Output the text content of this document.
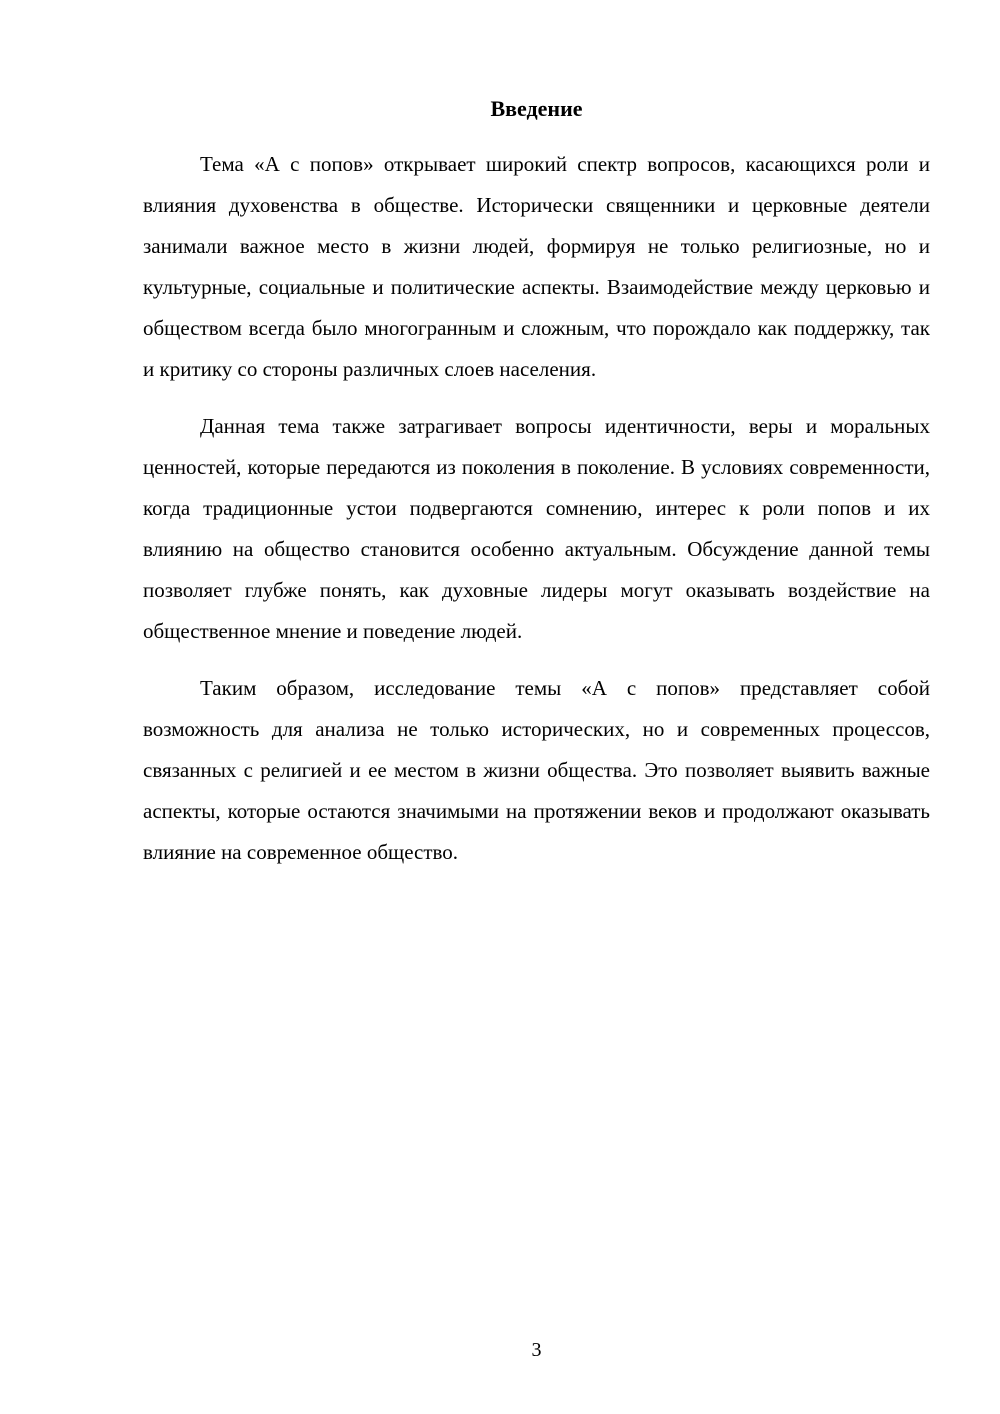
Введение

Тема «А с попов» открывает широкий спектр вопросов, касающихся роли и влияния духовенства в обществе. Исторически священники и церковные деятели занимали важное место в жизни людей, формируя не только религиозные, но и культурные, социальные и политические аспекты. Взаимодействие между церковью и обществом всегда было многогранным и сложным, что порождало как поддержку, так и критику со стороны различных слоев населения.

Данная тема также затрагивает вопросы идентичности, веры и моральных ценностей, которые передаются из поколения в поколение. В условиях современности, когда традиционные устои подвергаются сомнению, интерес к роли попов и их влиянию на общество становится особенно актуальным. Обсуждение данной темы позволяет глубже понять, как духовные лидеры могут оказывать воздействие на общественное мнение и поведение людей.

Таким образом, исследование темы «А с попов» представляет собой возможность для анализа не только исторических, но и современных процессов, связанных с религией и ее местом в жизни общества. Это позволяет выявить важные аспекты, которые остаются значимыми на протяжении веков и продолжают оказывать влияние на современное общество.

3
